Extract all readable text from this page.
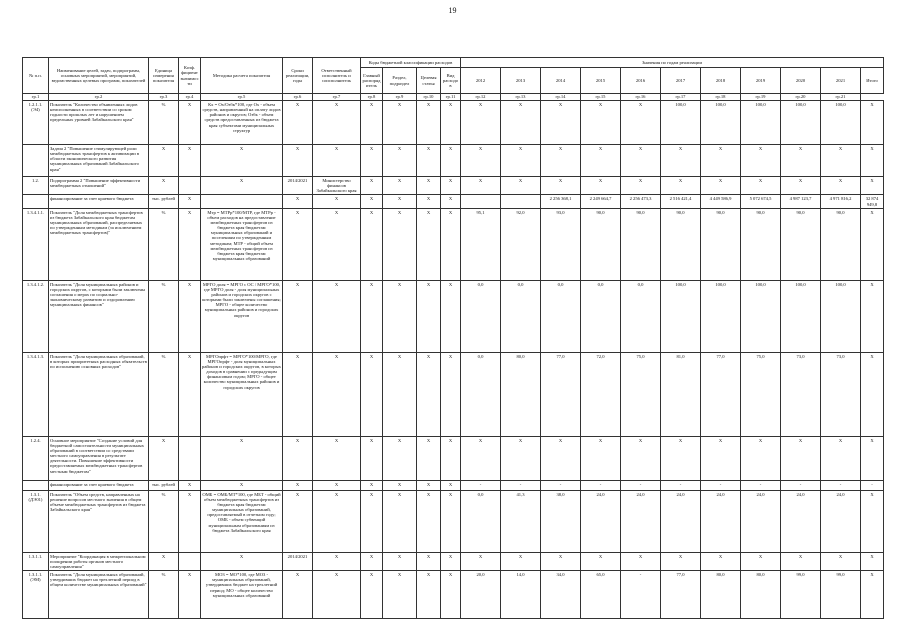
19
№ п.п.	Наименование целей, задач, подпрограмм, основных мероприятий, мероприятий, ведомственных целевых программ, показателей	Единица измерения показателя	Коэф. фициент значимости	Методика расчета показателя	Сроки реализации, годы	Ответственный исполнитель и соисполнитель	Коды бюджетной классификации расходов				Значения по годам реализации										
							Главный распорядитель	Раздел, подраздел	Целевая статья	Вид расходов	2012	2013	2014	2015	2016	2017	2018	2019	2020	2021	Итого
гр.1	гр.2	гр.3	гр.4	гр.5	гр.6	гр.7	гр.8	гр.9	гр.10	гр.11	гр.12	гр.13	гр.14	гр.15	гр.16	гр.17	гр.18	гр.19	гр.20	гр.21	
1.2.1.1. (Э4)	Показатель "Количество объявленных лидов неисполненных в соответствии со сроком годности прошлых лет и нарушением предельных уровней Забайкальского края"	%	X	Кх = Ох/Озбк*100, где Ох - объем средств, направленный на оплату лидов районов и округов; Озбк - объем средств предоставленных из бюджета края субъектами муниципальных структур	X	X	X	X	X	X	X	X	X	X	X	100,0	100,0	100,0	100,0	100,0	X
	Задача 2 "Повышение стимулирующей роли межбюджетных трансфертов к активизации в области экономического развития муниципальных образований Забайкальского края"	X	X	X	X	X	X	X	X	X	X	X	X	X	X	X	X	X	X	X	X
1.2.	Подпрограмма 2 "Повышение эффективности межбюджетных отношений"	X		X	2014/2021	Министерство финансов Забайкальского края	X	X	X	X	X	X	X	X	X	X	X	X	X	X	X
	финансирование за счет краевого бюджета	тыс. рублей	X		X	X	X	X	X	X			2 256 368,1	2 249 664,7	2 256 473,3	2 516 421,4	4 449 586,9	5 072 674,5	4 987 123,7	4 971 816,2	32 874 949,8
1.3.4.1.1.	Показатель "Доля межбюджетных трансфертов из бюджета Забайкальского края бюджетам муниципальных образований, распределяемых по утвержденным методикам (за исключением межбюджетных трансфертов)"	%	X	Мтр = МТРр*100/МТР, где МТРр - объем расходов на предоставление межбюджетных трансфертов из бюджета края бюджетам муниципальных образований и поселениям по утвержденным методикам; МТР - общий объем межбюджетных трансфертов из бюджета края бюджетам муниципальных образований	X	X	X	X	X	X	95,1	92,0	93,0	90,0	90,0	90,0	90,0	90,0	90,0	90,0	X
1.3.4.1.2.	Показатель "Доля муниципальных районов и городских округов, с которыми были заключены соглашения о мерах по социально-экономическому развитию и оздоровлению муниципальных финансов"	%	X	МРГО доля = МРГО с ОС / МРГО*100, где МРГО доля - доля муниципальных районов и городских округов с которыми были заключены соглашения; МРГО - общее количество муниципальных районов и городских округов	X	X	X	X	X	X	0,0	0,0	0,0	0,0	0,0	100,0	100,0	100,0	100,0	100,0	X
1.3.4.1.3.	Показатель "Доля муниципальных образований, в которых приоритетных расходных обязательств по исполнению основных расходов"	%	X	МРГОпрфт = МРГО*100/МРГО, где МРГОпрфт - доля муниципальных районов и городских округов, в которых доходов в сравнении с предыдущим финансовым годом; МРГО - общее количество муниципальных районов и городских округов	X	X	X	X	X	X	0,0	80,0	77,0	72,0	75,0	81,0	77,0	75,0	73,0	73,0	X
1.2.4.	Основное мероприятие "Создание условий для бюджетной самостоятельности муниципальных образований в соответствии со средствами местного самоуправления в результате деятельности. Повышение эффективности предоставляемых межбюджетных трансфертов местным бюджетам"	X		X	X	X	X	X	X	X	X	X	X	X	X	X	X	X	X	X	X
	финансирование за счет краевого бюджета	тыс. рублей	X	X	X	X	X	X	X	X	-	-	-	-	-	-	-	-	-	-	-
1.3.1. (ДЭ01)	Показатель "Объем средств, направленных на решение вопросов местного значения в общем объеме межбюджетных трансфертов из бюджета Забайкальского края"	%	X	ОМБ = ОМБ/МТ*100, где МБТ - общий объем межбюджетных трансфертов из бюджета края бюджетам муниципальных образований, предоставляемый в отчетном году; ОМБ - объем субвенций муниципальным образованиям из бюджета Забайкальского края	X	X	X	X	X	X	0,0	41,3	38,0	24,0	24,0	24,0	24,0	24,0	24,0	24,0	X
1.3.1.1.	Мероприятие "Координация в межрегиональном поощрении работы органов местного самоуправления"	X		X	2014/2021	X	X	X	X	X	X	X	X	X	X	X	X	X	X	X	X
1.3.1.1. (ЭМ)	Показатель "Доля муниципальных образований, утвердивших бюджет на трехлетний период в общем количестве муниципальных образований"	%	X	МО3 = МО*100, где МО3 - муниципальных образований, утвердивших бюджет на трехлетний период; МО - общее количество муниципальных образований	X	X	X	X	X	X	20,0	14,0	34,0	65,0	-	77,0	80,0	80,0	99,0	99,0	X
